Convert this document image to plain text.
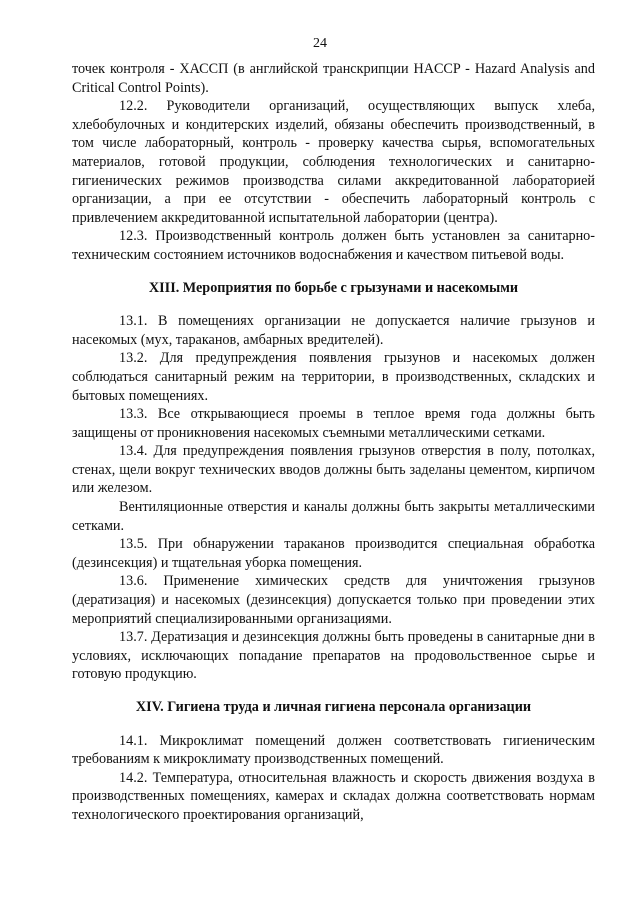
24

точек контроля - ХАССП (в английской транскрипции HACCP - Hazard Analysis and Critical Control Points).

12.2. Руководители организаций, осуществляющих выпуск хлеба, хлебобулочных и кондитерских изделий, обязаны обеспечить производственный, в том числе лабораторный, контроль - проверку качества сырья, вспомогательных материалов, готовой продукции, соблюдения технологических и санитарно-гигиенических режимов производства силами аккредитованной лабораторией организации, а при ее отсутствии - обеспечить лабораторный контроль с привлечением аккредитованной испытательной лаборатории (центра).

12.3. Производственный контроль должен быть установлен за санитарно-техническим состоянием источников водоснабжения и качеством питьевой воды.

XIII. Мероприятия по борьбе с грызунами и насекомыми

13.1. В помещениях организации не допускается наличие грызунов и насекомых (мух, тараканов, амбарных вредителей).

13.2. Для предупреждения появления грызунов и насекомых должен соблюдаться санитарный режим на территории, в производственных, складских и бытовых помещениях.

13.3. Все открывающиеся проемы в теплое время года должны быть защищены от проникновения насекомых съемными металлическими сетками.

13.4. Для предупреждения появления грызунов отверстия в полу, потолках, стенах, щели вокруг технических вводов должны быть заделаны цементом, кирпичом или железом.

Вентиляционные отверстия и каналы должны быть закрыты металлическими сетками.

13.5. При обнаружении тараканов производится специальная обработка (дезинсекция) и тщательная уборка помещения.

13.6. Применение химических средств для уничтожения грызунов (дератизация) и насекомых (дезинсекция) допускается только при проведении этих мероприятий специализированными организациями.

13.7. Дератизация и дезинсекция должны быть проведены в санитарные дни в условиях, исключающих попадание препаратов на продовольственное сырье и готовую продукцию.

XIV. Гигиена труда и личная гигиена персонала организации

14.1. Микроклимат помещений должен соответствовать гигиеническим требованиям к микроклимату производственных помещений.

14.2. Температура, относительная влажность и скорость движения воздуха в производственных помещениях, камерах и складах должна соответствовать нормам технологического проектирования организаций,
